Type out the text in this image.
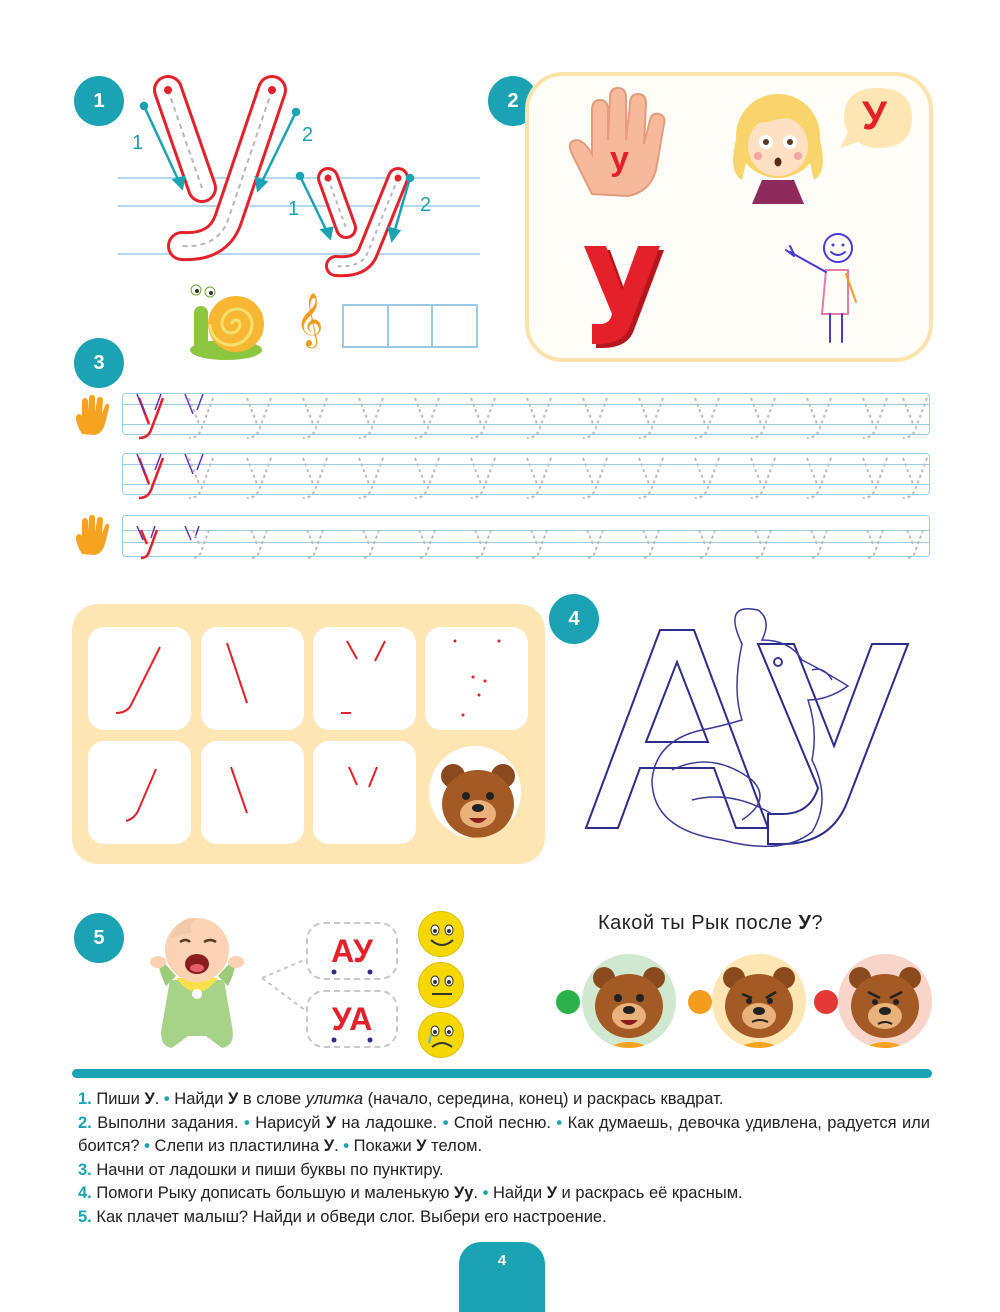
1	2
3
4
5
1	2
1	2
𝄞
у
У
АУ
УА
Какой ты Рык после У?

1. Пиши У. • Найди У в слове улитка (начало, середина, конец) и раскрась квадрат.

2. Выполни задания. • Нарисуй У на ладошке. • Спой песню. • Как думаешь, девочка удивлена, радуется или боится? • Слепи из пластилина У. • Покажи У телом.

3. Начни от ладошки и пиши буквы по пунктиру.

4. Помоги Рыку дописать большую и маленькую Уу. • Найди У и раскрась её красным.

5. Как плачет малыш? Найди и обведи слог. Выбери его настроение.

4
